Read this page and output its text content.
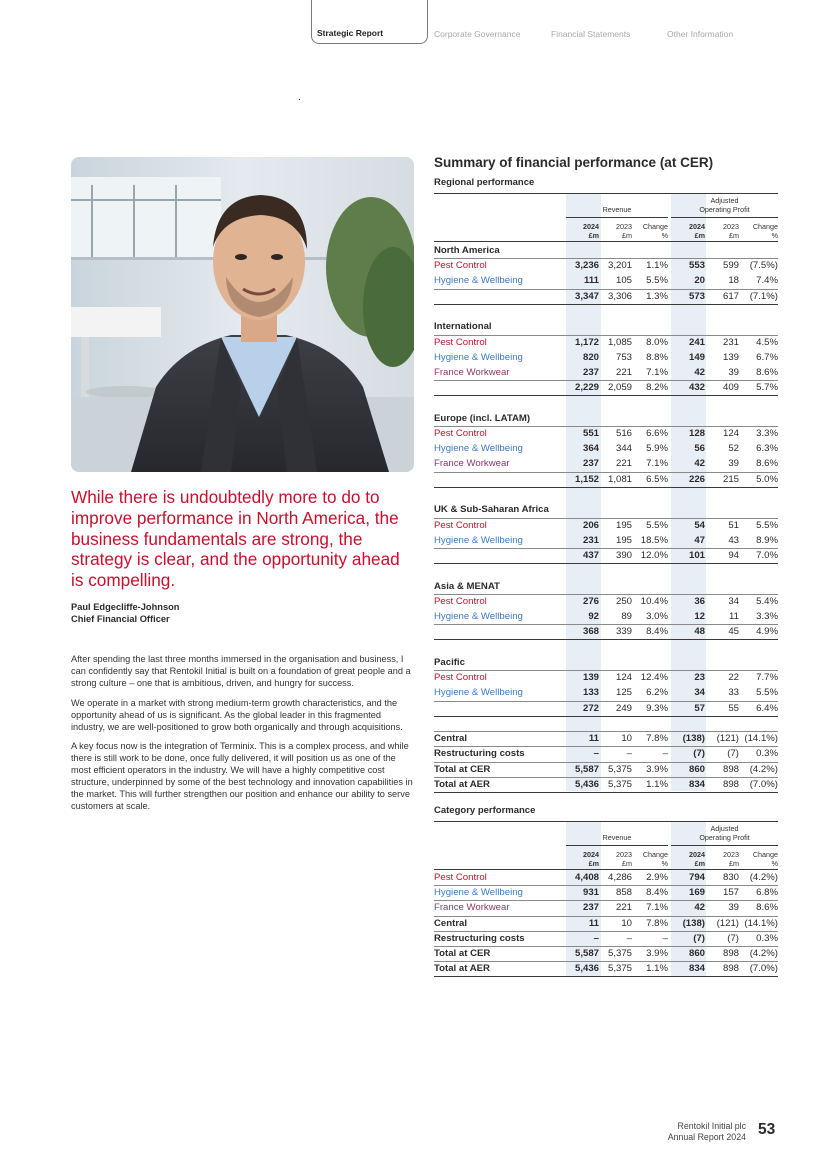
Strategic Report	Corporate Governance	Financial Statements	Other Information
While there is undoubtedly more to do to improve performance in North America, the business fundamentals are strong, the strategy is clear, and the opportunity ahead is compelling.
Paul Edgecliffe-Johnson
Chief Financial Officer

After spending the last three months immersed in the organisation and business, I can confidently say that Rentokil Initial is built on a foundation of great people and a strong culture – one that is ambitious, driven, and hungry for success.

We operate in a market with strong medium-term growth characteristics, and the opportunity ahead of us is significant. As the global leader in this fragmented industry, we are well-positioned to grow both organically and through acquisitions.

A key focus now is the integration of Terminix. This is a complex process, and while there is still work to be done, once fully delivered, it will position us as one of the most efficient operators in the industry. We will have a highly competitive cost structure, underpinned by some of the best technology and innovation capabilities in the market. This will further strengthen our position and enhance our ability to serve customers at scale.

Summary of financial performance (at CER)
Regional performance
Category performance
Revenue
Adjusted
Operating Profit
2024
£m
2023
£m
Change
%
2024
£m
2023
£m
Change
%
North America
Pest Control	3,236 3,201	1.1%	553	599	(7.5%)
Hygiene & Wellbeing	111	105	5.5%	20	18	7.4%
3,347 3,306	1.3%	573	617	(7.1%)
International
Pest Control	1,172 1,085	8.0%	241	231	4.5%
Hygiene & Wellbeing	820	753	8.8%	149	139	6.7%
France Workwear	237	221	7.1%	42	39	8.6%
2,229 2,059	8.2%	432	409	5.7%
Europe (incl. LATAM)
Pest Control	551	516	6.6%	128	124	3.3%
Hygiene & Wellbeing	364	344	5.9%	56	52	6.3%
France Workwear	237	221	7.1%	42	39	8.6%
1,152 1,081	6.5%	226	215	5.0%
UK & Sub-Saharan Africa
Pest Control	206	195	5.5%	54	51	5.5%
Hygiene & Wellbeing	231	195 18.5%	47	43	8.9%
437	390 12.0%	101	94	7.0%
Asia & MENAT
Pest Control	276	250 10.4%	36	34	5.4%
Hygiene & Wellbeing	92	89	3.0%	12	11	3.3%
368	339	8.4%	48	45	4.9%
Pacific
Pest Control	139	124 12.4%	23	22	7.7%
Hygiene & Wellbeing	133	125	6.2%	34	33	5.5%
272	249	9.3%	57	55	6.4%
Central	11	10	7.8%	(138)	(121) (14.1%)
Restructuring costs	–	–	–	(7)	(7)	0.3%
Total at CER	5,587 5,375	3.9%	860	898	(4.2%)
Total at AER	5,436 5,375	1.1%	834	898	(7.0%)
Revenue
Adjusted
Operating Profit
2024
£m
2023
£m
Change
%
2024
£m
2023
£m
Change
%
Pest Control	4,408 4,286	2.9%	794	830	(4.2%)
Hygiene & Wellbeing	931	858	8.4%	169	157	6.8%
France Workwear	237	221	7.1%	42	39	8.6%
Central	11	10	7.8%	(138)	(121) (14.1%)
Restructuring costs	–	–	–	(7)	(7)	0.3%
Total at CER	5,587 5,375	3.9%	860	898	(4.2%)
Total at AER	5,436 5,375	1.1%	834	898	(7.0%)
Rentokil Initial plc
Annual Report 2024 53
